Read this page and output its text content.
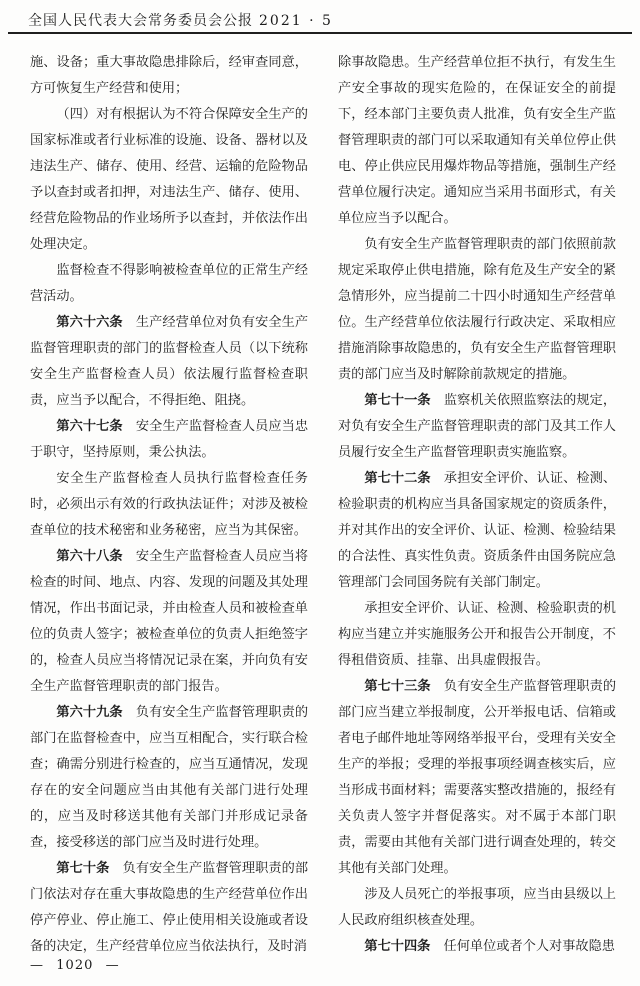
全国人民代表大会常务委员会公报 2021 · 5

施、设备；重大事故隐患排除后，经审查同意，方可恢复生产经营和使用；

（四）对有根据认为不符合保障安全生产的国家标准或者行业标准的设施、设备、器材以及违法生产、储存、使用、经营、运输的危险物品予以查封或者扣押，对违法生产、储存、使用、经营危险物品的作业场所予以查封，并依法作出处理决定。

监督检查不得影响被检查单位的正常生产经营活动。

第六十六条 生产经营单位对负有安全生产监督管理职责的部门的监督检查人员（以下统称安全生产监督检查人员）依法履行监督检查职责，应当予以配合，不得拒绝、阻挠。

第六十七条 安全生产监督检查人员应当忠于职守，坚持原则，秉公执法。

安全生产监督检查人员执行监督检查任务时，必须出示有效的行政执法证件；对涉及被检查单位的技术秘密和业务秘密，应当为其保密。

第六十八条 安全生产监督检查人员应当将检查的时间、地点、内容、发现的问题及其处理情况，作出书面记录，并由检查人员和被检查单位的负责人签字；被检查单位的负责人拒绝签字的，检查人员应当将情况记录在案，并向负有安全生产监督管理职责的部门报告。

第六十九条 负有安全生产监督管理职责的部门在监督检查中，应当互相配合，实行联合检查；确需分别进行检查的，应当互通情况，发现存在的安全问题应当由其他有关部门进行处理的，应当及时移送其他有关部门并形成记录备查，接受移送的部门应当及时进行处理。

第七十条 负有安全生产监督管理职责的部门依法对存在重大事故隐患的生产经营单位作出停产停业、停止施工、停止使用相关设施或者设备的决定，生产经营单位应当依法执行，及时消

除事故隐患。生产经营单位拒不执行，有发生生产安全事故的现实危险的，在保证安全的前提下，经本部门主要负责人批准，负有安全生产监督管理职责的部门可以采取通知有关单位停止供电、停止供应民用爆炸物品等措施，强制生产经营单位履行决定。通知应当采用书面形式，有关单位应当予以配合。

负有安全生产监督管理职责的部门依照前款规定采取停止供电措施，除有危及生产安全的紧急情形外，应当提前二十四小时通知生产经营单位。生产经营单位依法履行行政决定、采取相应措施消除事故隐患的，负有安全生产监督管理职责的部门应当及时解除前款规定的措施。

第七十一条 监察机关依照监察法的规定，对负有安全生产监督管理职责的部门及其工作人员履行安全生产监督管理职责实施监察。

第七十二条 承担安全评价、认证、检测、检验职责的机构应当具备国家规定的资质条件，并对其作出的安全评价、认证、检测、检验结果的合法性、真实性负责。资质条件由国务院应急管理部门会同国务院有关部门制定。

承担安全评价、认证、检测、检验职责的机构应当建立并实施服务公开和报告公开制度，不得租借资质、挂靠、出具虚假报告。

第七十三条 负有安全生产监督管理职责的部门应当建立举报制度，公开举报电话、信箱或者电子邮件地址等网络举报平台，受理有关安全生产的举报；受理的举报事项经调查核实后，应当形成书面材料；需要落实整改措施的，报经有关负责人签字并督促落实。对不属于本部门职责，需要由其他有关部门进行调查处理的，转交其他有关部门处理。

涉及人员死亡的举报事项，应当由县级以上人民政府组织核查处理。

第七十四条 任何单位或者个人对事故隐患

— 1020 —
